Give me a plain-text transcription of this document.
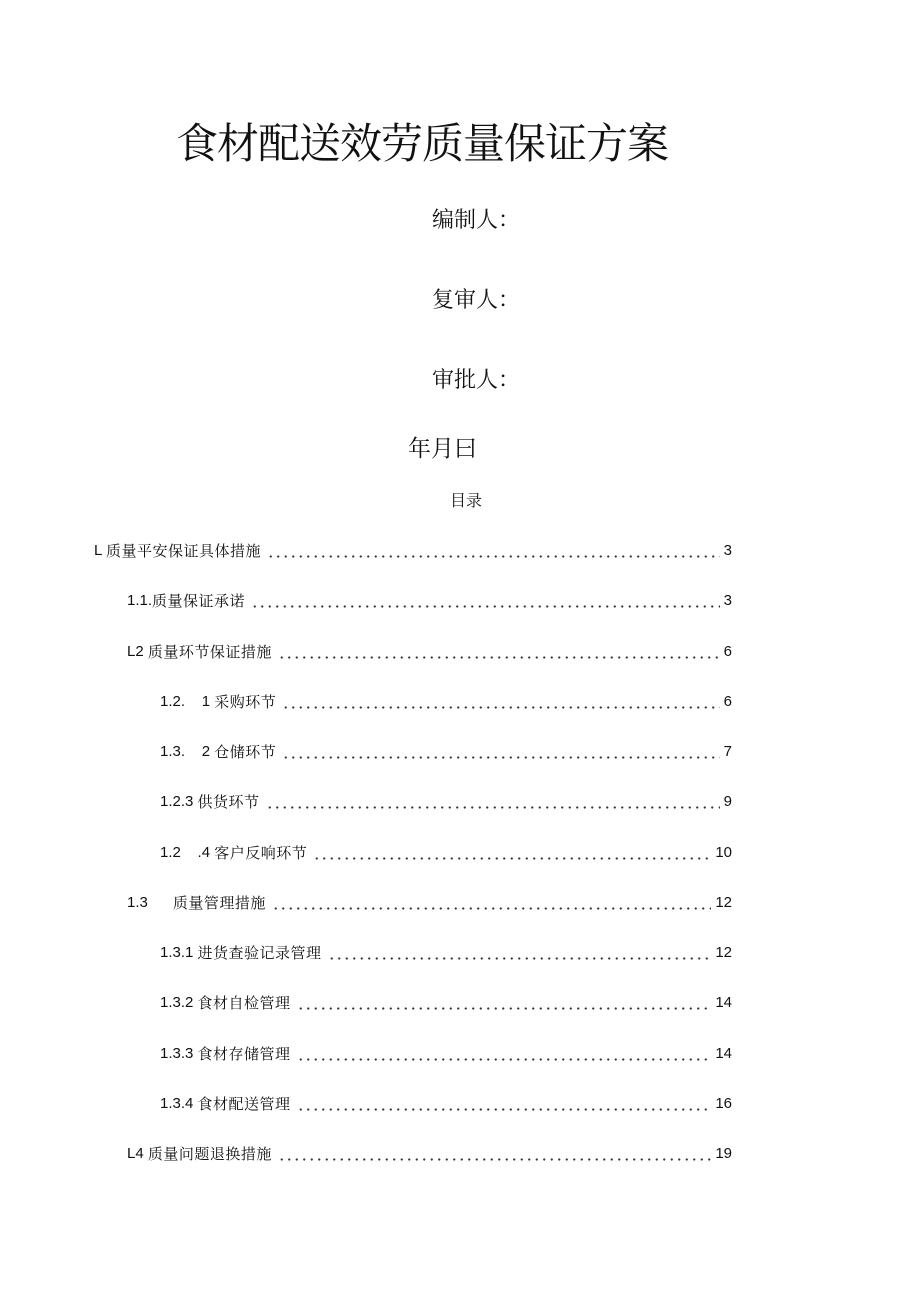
食材配送效劳质量保证方案
编制人：
复审人：
审批人：
年月曰
目录
L 质量平安保证具体措施	3
1.1. 质量保证承诺	3
L2 质量环节保证措施	6
1.2.    1 采购环节	6
1.3.    2 仓储环节	7
1.2.3 供货环节	9
1.2    .4 客户反响环节	10
1.3 质量管理措施	12
1.3.1 进货查验记录管理	12
1.3.2 食材自检管理	14
1.3.3 食材存储管理	14
1.3.4 食材配送管理	16
L4 质量问题退换措施	19
